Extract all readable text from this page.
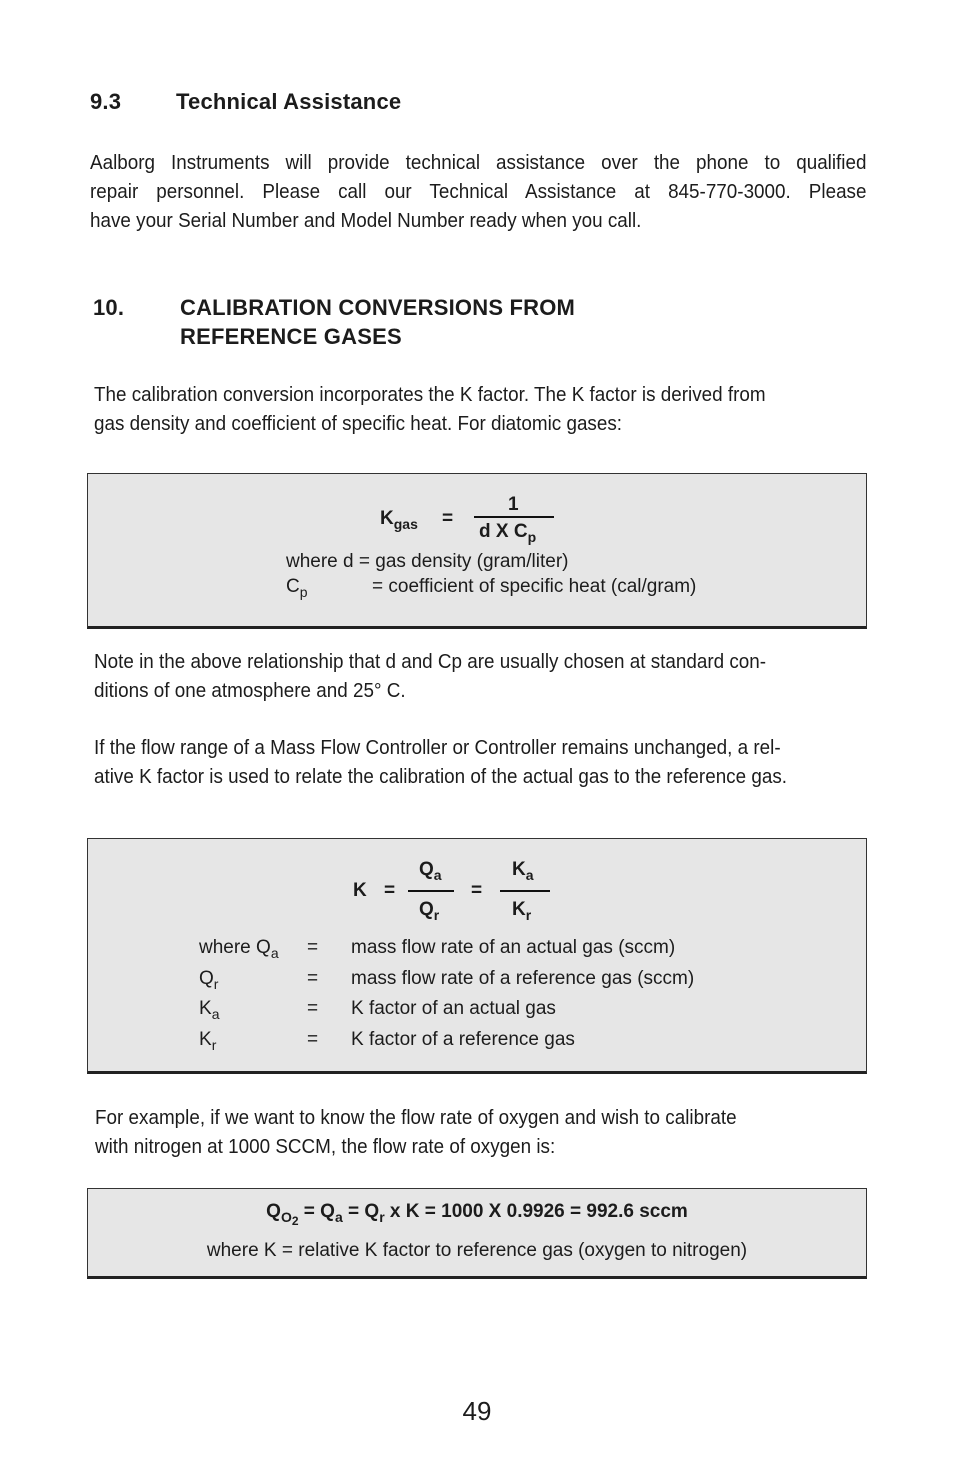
9.3 Technical Assistance
Aalborg Instruments will provide technical assistance over the phone to qualified
repair personnel. Please call our Technical Assistance at 845-770-3000. Please
have your Serial Number and Model Number ready when you call.
10.	CALIBRATION CONVERSIONS FROM
REFERENCE GASES
The calibration conversion incorporates the K factor. The K factor is derived from
gas density and coefficient of specific heat. For diatomic gases:
$K_{gas}$ =
1
d X $C_p$
where d = gas density (gram/liter)
$C_p$	= coefficient of specific heat (cal/gram)
Note in the above relationship that d and Cp are usually chosen at standard con-
ditions of one atmosphere and 25° C.
If the flow range of a Mass Flow Controller or Controller remains unchanged, a rel-
ative K factor is used to relate the calibration of the actual gas to the reference gas.
K =
$Q_a$
$Q_r$
=
$K_a$
$K_r$
where $Q_a$ = mass flow rate of an actual gas (sccm)
$Q_r$	= mass flow rate of a reference gas (sccm)
$K_a$	= K factor of an actual gas
$K_r$	= K factor of a reference gas
For example, if we want to know the flow rate of oxygen and wish to calibrate
with nitrogen at 1000 SCCM, the flow rate of oxygen is:
$Q_{O2} = Q_a = Q_r$ x K = 1000 X 0.9926 = 992.6 sccm
where K = relative K factor to reference gas (oxygen to nitrogen)
49
